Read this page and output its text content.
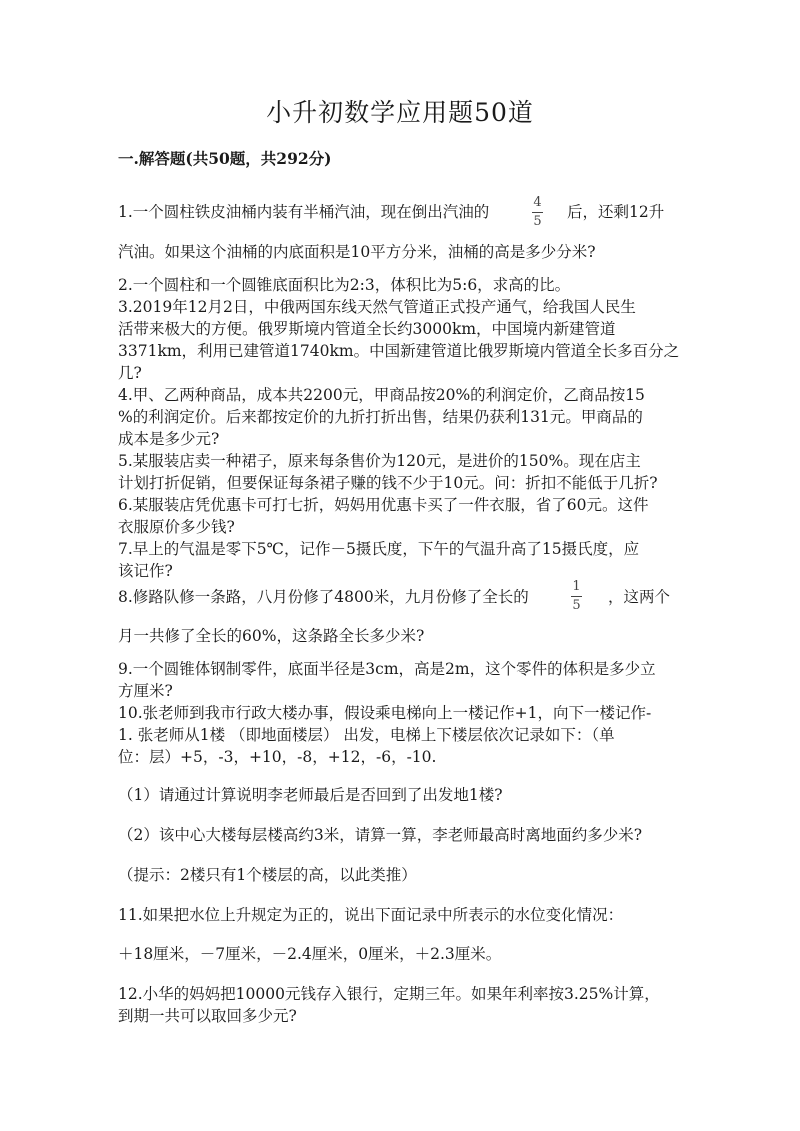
小升初数学应用题50道
一.解答题(共50题，共292分)
1.一个圆柱铁皮油桶内装有半桶汽油，现在倒出汽油的
4
5
后，还剩12升
汽油。如果这个油桶的内底面积是10平方分米，油桶的高是多少分米?
2.一个圆柱和一个圆锥底面积比为2:3，体积比为5:6，求高的比。
3.2019年12月2日，中俄两国东线天然气管道正式投产通气，给我国人民生
活带来极大的方便。俄罗斯境内管道全长约3000km，中国境内新建管道
3371km，利用已建管道1740km。中国新建管道比俄罗斯境内管道全长多百分之
几?
4.甲、乙两种商品，成本共2200元，甲商品按20%的利润定价，乙商品按15
%的利润定价。后来都按定价的九折打折出售，结果仍获利131元。甲商品的
成本是多少元?
5.某服装店卖一种裙子，原来每条售价为120元，是进价的150%。现在店主
计划打折促销，但要保证每条裙子赚的钱不少于10元。问：折扣不能低于几折?
6.某服装店凭优惠卡可打七折，妈妈用优惠卡买了一件衣服，省了60元。这件
衣服原价多少钱?
7.早上的气温是零下5℃，记作－5摄氏度，下午的气温升高了15摄氏度，应
该记作?
8.修路队修一条路，八月份修了4800米，九月份修了全长的
1
5 ，这两个
月一共修了全长的60%，这条路全长多少米?
9.一个圆锥体钢制零件，底面半径是3cm，高是2m，这个零件的体积是多少立
方厘米?
10.张老师到我市行政大楼办事，假设乘电梯向上一楼记作+1，向下一楼记作-
1. 张老师从1楼 （即地面楼层） 出发，电梯上下楼层依次记录如下：（单
位：层）+5，-3，+10，-8，+12，-6，-10.
（1）请通过计算说明李老师最后是否回到了出发地1楼?
（2）该中心大楼每层楼高约3米，请算一算，李老师最高时离地面约多少米?
（提示：2楼只有1个楼层的高，以此类推）
11.如果把水位上升规定为正的，说出下面记录中所表示的水位变化情况：
＋18厘米，－7厘米，－2.4厘米，0厘米，＋2.3厘米。
12.小华的妈妈把10000元钱存入银行，定期三年。如果年利率按3.25%计算，
到期一共可以取回多少元?
